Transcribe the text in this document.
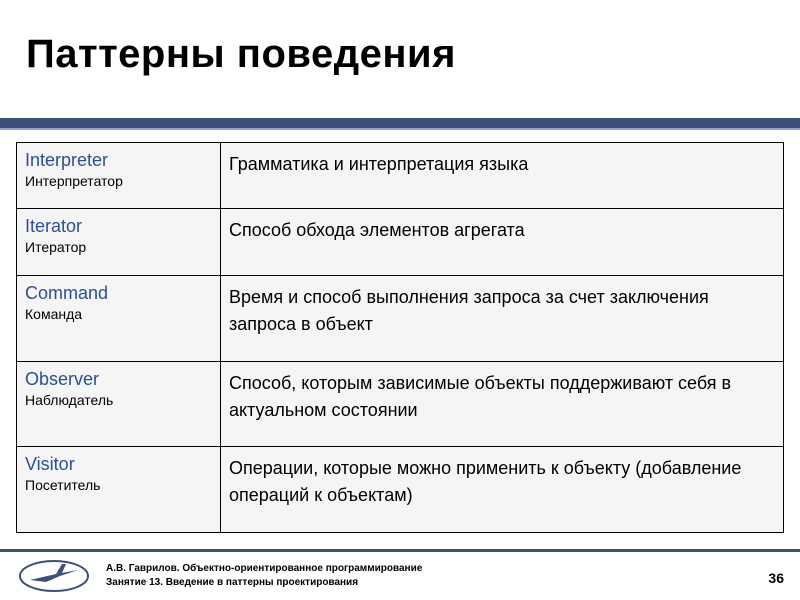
Паттерны поведения
Interpreter
Интерпретатор	Грамматика и интерпретация языка

Iterator
Итератор	Способ обхода элементов агрегата

Command
Команда	Время и способ выполнения запроса за счет заключения запроса в объект

Observer
Наблюдатель	Способ, которым зависимые объекты поддерживают себя в актуальном состоянии

Visitor
Посетитель	Операции, которые можно применить к объекту (добавление операций к объектам)
А.В. Гаврилов. Объектно-ориентированное программирование
Занятие 13. Введение в паттерны проектирования	36
